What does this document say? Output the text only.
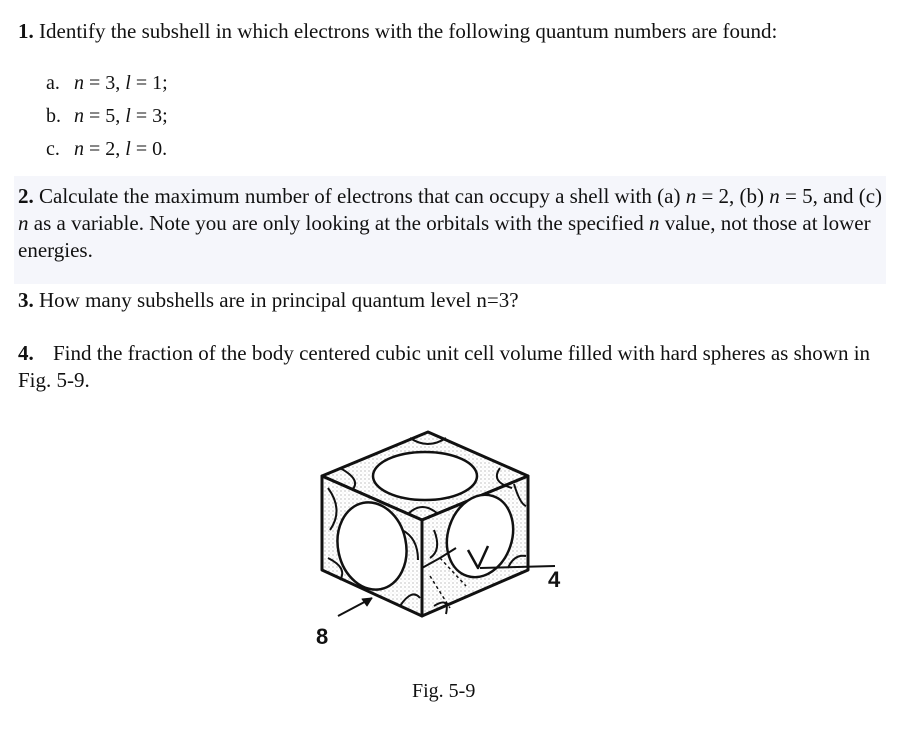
1. Identify the subshell in which electrons with the following quantum numbers are found:
a. n = 3, l = 1;
b. n = 5, l = 3;
c. n = 2, l = 0.
2. Calculate the maximum number of electrons that can occupy a shell with (a) n = 2, (b) n = 5, and (c) n as a variable. Note you are only looking at the orbitals with the specified n value, not those at lower energies.
3. How many subshells are in principal quantum level n=3?
4. Find the fraction of the body centered cubic unit cell volume filled with hard spheres as shown in Fig. 5-9.
4
8
Fig. 5-9
